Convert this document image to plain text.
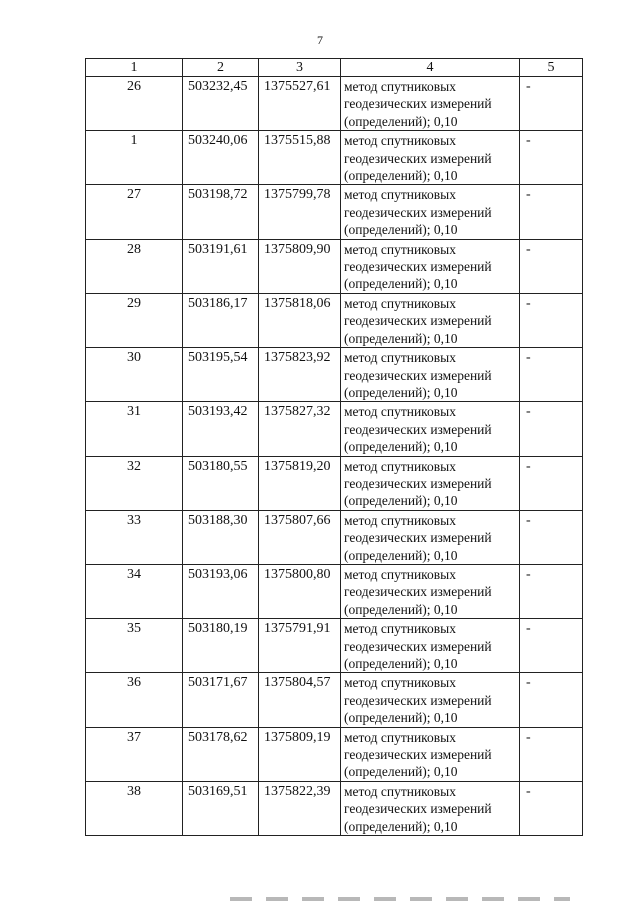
7
1	2	3	4	5
26	503232,45	1375527,61	метод спутниковых геодезических измерений (определений); 0,10	-
1	503240,06	1375515,88	метод спутниковых геодезических измерений (определений); 0,10	-
27	503198,72	1375799,78	метод спутниковых геодезических измерений (определений); 0,10	-
28	503191,61	1375809,90	метод спутниковых геодезических измерений (определений); 0,10	-
29	503186,17	1375818,06	метод спутниковых геодезических измерений (определений); 0,10	-
30	503195,54	1375823,92	метод спутниковых геодезических измерений (определений); 0,10	-
31	503193,42	1375827,32	метод спутниковых геодезических измерений (определений); 0,10	-
32	503180,55	1375819,20	метод спутниковых геодезических измерений (определений); 0,10	-
33	503188,30	1375807,66	метод спутниковых геодезических измерений (определений); 0,10	-
34	503193,06	1375800,80	метод спутниковых геодезических измерений (определений); 0,10	-
35	503180,19	1375791,91	метод спутниковых геодезических измерений (определений); 0,10	-
36	503171,67	1375804,57	метод спутниковых геодезических измерений (определений); 0,10	-
37	503178,62	1375809,19	метод спутниковых геодезических измерений (определений); 0,10	-
38	503169,51	1375822,39	метод спутниковых геодезических измерений (определений); 0,10	-
